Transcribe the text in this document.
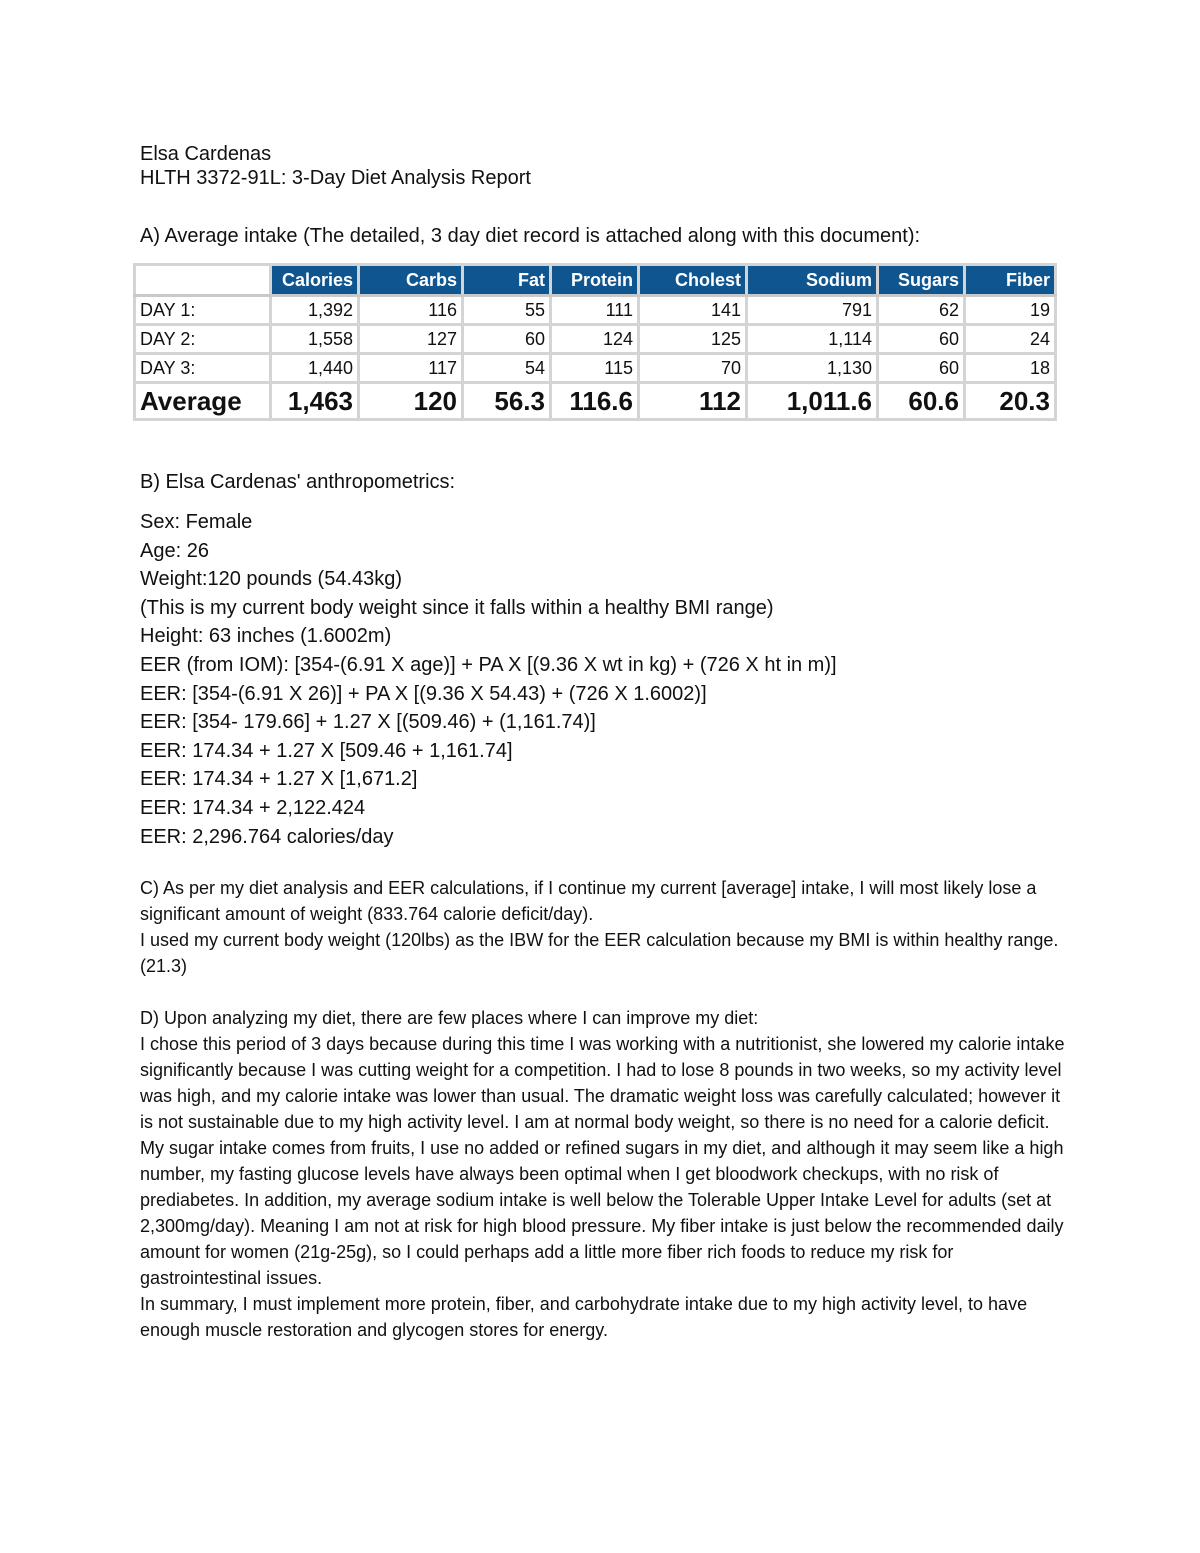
Elsa Cardenas
HLTH 3372-91L: 3-Day Diet Analysis Report
A) Average intake (The detailed, 3 day diet record is attached along with this document):
	Calories	Carbs	Fat	Protein	Cholest	Sodium	Sugars	Fiber
DAY 1:	1,392	116	55	111	141	791	62	19
DAY 2:	1,558	127	60	124	125	1,114	60	24
DAY 3:	1,440	117	54	115	70	1,130	60	18
Average	1,463	120	56.3	116.6	112	1,011.6	60.6	20.3
B) Elsa Cardenas' anthropometrics:
Sex: Female
Age: 26
Weight:120 pounds (54.43kg)
(This is my current body weight since it falls within a healthy BMI range)
Height: 63 inches (1.6002m)
EER (from IOM): [354-(6.91 X age)] + PA X [(9.36 X wt in kg) + (726 X ht in m)]
EER: [354-(6.91 X 26)] + PA X [(9.36 X 54.43) + (726 X 1.6002)]
EER: [354- 179.66] + 1.27 X [(509.46) + (1,161.74)]
EER: 174.34 + 1.27 X [509.46 + 1,161.74]
EER: 174.34 + 1.27 X [1,671.2]
EER: 174.34 + 2,122.424
EER: 2,296.764 calories/day

C) As per my diet analysis and EER calculations, if I continue my current [average] intake, I will most likely lose a significant amount of weight (833.764 calorie deficit/day).

I used my current body weight (120lbs) as the IBW for the EER calculation because my BMI is within healthy range. (21.3)

D) Upon analyzing my diet, there are few places where I can improve my diet:

I chose this period of 3 days because during this time I was working with a nutritionist, she lowered my calorie intake significantly because I was cutting weight for a competition. I had to lose 8 pounds in two weeks, so my activity level was high, and my calorie intake was lower than usual. The dramatic weight loss was carefully calculated; however it is not sustainable due to my high activity level. I am at normal body weight, so there is no need for a calorie deficit. My sugar intake comes from fruits, I use no added or refined sugars in my diet, and although it may seem like a high number, my fasting glucose levels have always been optimal when I get bloodwork checkups, with no risk of prediabetes. In addition, my average sodium intake is well below the Tolerable Upper Intake Level for adults (set at 2,300mg/day). Meaning I am not at risk for high blood pressure. My fiber intake is just below the recommended daily amount for women (21g-25g), so I could perhaps add a little more fiber rich foods to reduce my risk for gastrointestinal issues.

In summary, I must implement more protein, fiber, and carbohydrate intake due to my high activity level, to have enough muscle restoration and glycogen stores for energy.
